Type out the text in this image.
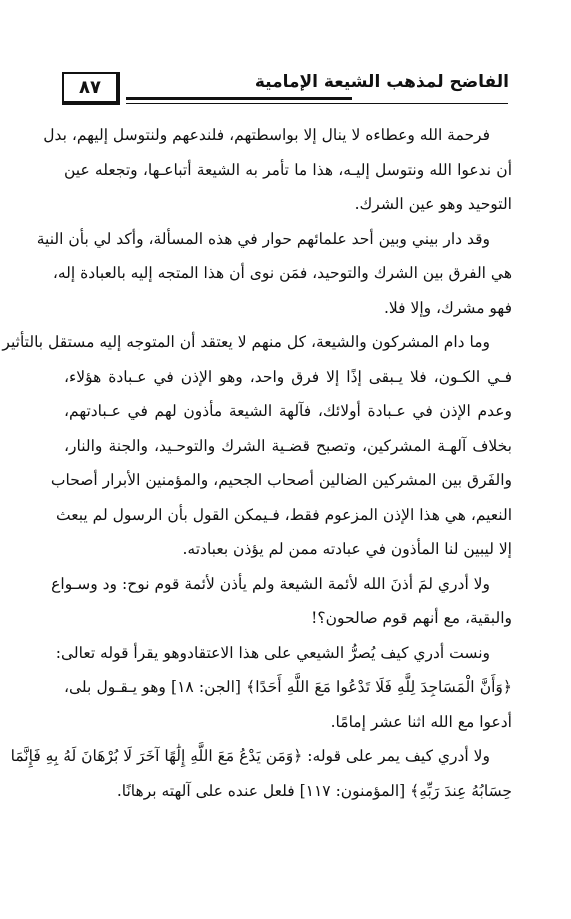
٨٧	الفاضح لمذهب الشيعة الإمامية
فرحمة الله وعطاءه لا ينال إلا بواسطتهم، فلندعهم ولنتوسل إليهم، بدل
أن ندعوا الله ونتوسل إليـه، هذا ما تأمر به الشيعة أتباعـها، وتجعله عين
التوحيد وهو عين الشرك.
وقد دار بيني وبين أحد علمائهم حوار في هذه المسألة، وأكد لي بأن النية
هي الفرق بين الشرك والتوحيد، فمَن نوى أن هذا المتجه إليه بالعبادة إله،
فهو مشرك، وإلا فلا.
وما دام المشركون والشيعة، كل منهم لا يعتقد أن المتوجه إليه مستقل بالتأثير
فـي الكـون، فلا يـبقى إذًا إلا فرق واحد، وهو الإذن في عـبادة هؤلاء،
وعدم الإذن في عـبادة أولائك، فآلهة الشيعة مأذون لهم في عـبادتهم،
بخلاف آلهـة المشركين، وتصبح قضـية الشرك والتوحـيد، والجنة والنار،
والفَرق بين المشركين الضالين أصحاب الجحيم، والمؤمنين الأبرار أصحاب
النعيم، هي هذا الإذن المزعوم فقط، فـيمكن القول بأن الرسول لم يبعث
إلا ليبين لنا المأذون في عبادته ممن لم يؤذن بعبادته.
ولا أدري لمَ أذنَ الله لأئمة الشيعة ولم يأذن لأئمة قوم نوح: ود وسـواع
والبقية، مع أنهم قوم صالحون؟!
ونست أدري كيف يُصرُّ الشيعي على هذا الاعتقادوهو يقرأ قوله تعالى:
﴿وَأَنَّ الْمَسَاجِدَ لِلَّهِ فَلَا تَدْعُوا مَعَ اللَّهِ أَحَدًا﴾ [الجن: ١٨] وهو يـقـول بلى،
أدعوا مع الله اثنا عشر إمامًا.
ولا أدري كيف يمر على قوله: ﴿وَمَن يَدْعُ مَعَ اللَّهِ إِلَٰهًا آخَرَ لَا بُرْهَانَ لَهُ بِهِ فَإِنَّمَا
حِسَابُهُ عِندَ رَبِّهِ﴾ [المؤمنون: ١١٧] فلعل عنده على آلهته برهانًا.
